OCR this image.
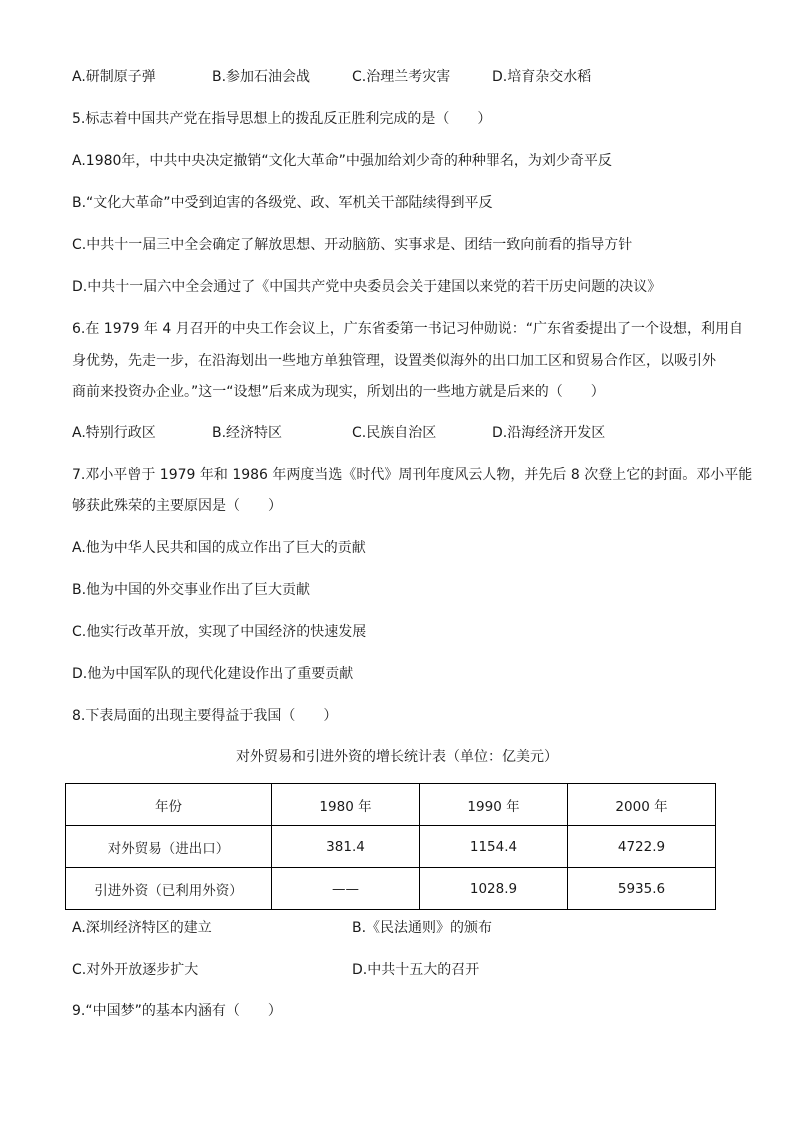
A.研制原子弹	B.参加石油会战	C.治理兰考灾害	D.培育杂交水稻
5.标志着中国共产党在指导思想上的拨乱反正胜利完成的是（　　）
A.1980年，中共中央决定撤销“文化大革命”中强加给刘少奇的种种罪名，为刘少奇平反
B.“文化大革命”中受到迫害的各级党、政、军机关干部陆续得到平反
C.中共十一届三中全会确定了解放思想、开动脑筋、实事求是、团结一致向前看的指导方针
D.中共十一届六中全会通过了《中国共产党中央委员会关于建国以来党的若干历史问题的决议》
6.在 1979 年 4 月召开的中央工作会议上，广东省委第一书记习仲勋说：“广东省委提出了一个设想，利用自
身优势，先走一步，在沿海划出一些地方单独管理，设置类似海外的出口加工区和贸易合作区，以吸引外
商前来投资办企业。”这一“设想”后来成为现实，所划出的一些地方就是后来的（　　）
A.特别行政区	B.经济特区	C.民族自治区	D.沿海经济开发区
7.邓小平曾于 1979 年和 1986 年两度当选《时代》周刊年度风云人物，并先后 8 次登上它的封面。邓小平能
够获此殊荣的主要原因是（　　）
A.他为中华人民共和国的成立作出了巨大的贡献
B.他为中国的外交事业作出了巨大贡献
C.他实行改革开放，实现了中国经济的快速发展
D.他为中国军队的现代化建设作出了重要贡献
8.下表局面的出现主要得益于我国（　　）
对外贸易和引进外资的增长统计表（单位：亿美元）
年份	1980 年	1990 年	2000 年
对外贸易（进出口）	381.4	1154.4	4722.9
引进外资（已利用外资）	——	1028.9	5935.6
A.深圳经济特区的建立	B.《民法通则》的颁布
C.对外开放逐步扩大	D.中共十五大的召开
9.“中国梦”的基本内涵有（　　）
